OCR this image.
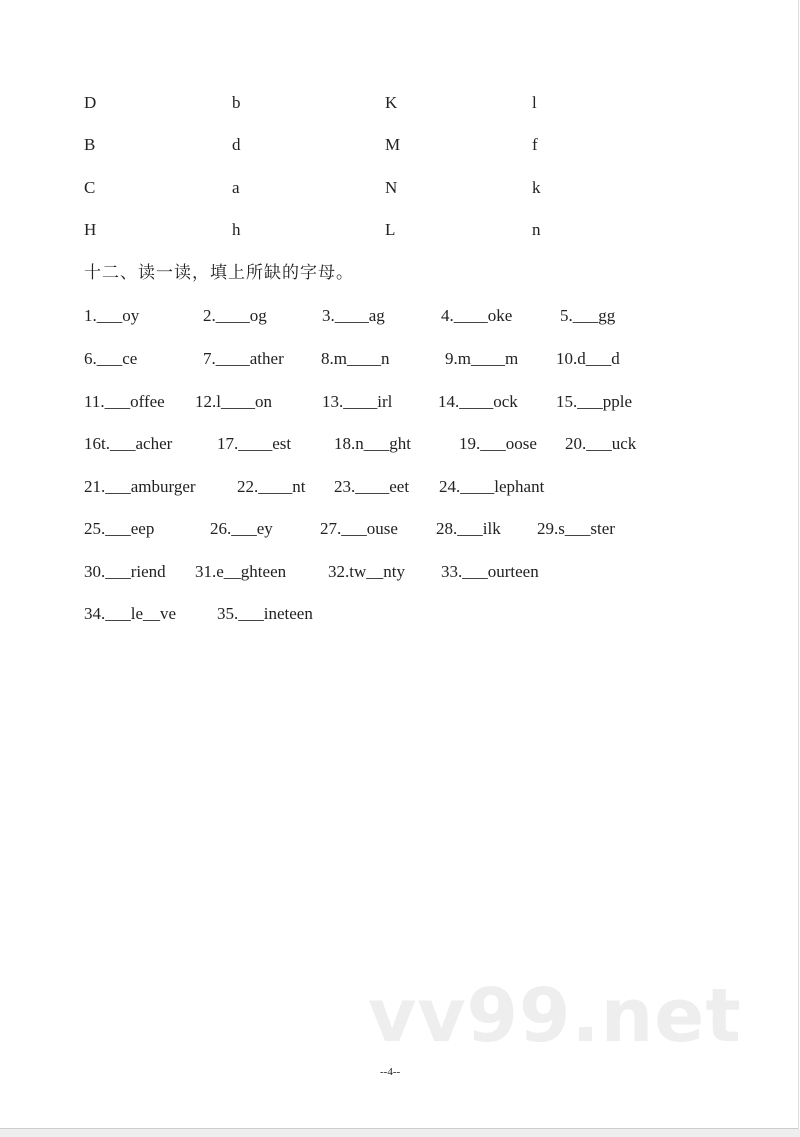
D	b	K	l
B	d	M	f
C	a	N	k
H	h	L	n
十二、读一读，填上所缺的字母。
1.___oy	2.____og	3.____ag	4.____oke	5.___gg
6.___ce	7.____ather 8.m____n	9.m____m 10.d___d
11.___offee 12.l____on	13.____irl	14.____ock 15.___pple
16t.___acher	17.____est	18.n___ght	19.___oose 20.___uck
21.___amburger 22.____nt 23.____eet 24.____lephant
25.___eep	26.___ey	27.___ouse 28.___ilk 29.s___ster
30.___riend 31.e__ghteen 32.tw__nty 33.___ourteen
34.___le__ve 35.___ineteen
vv99.net
--4--
